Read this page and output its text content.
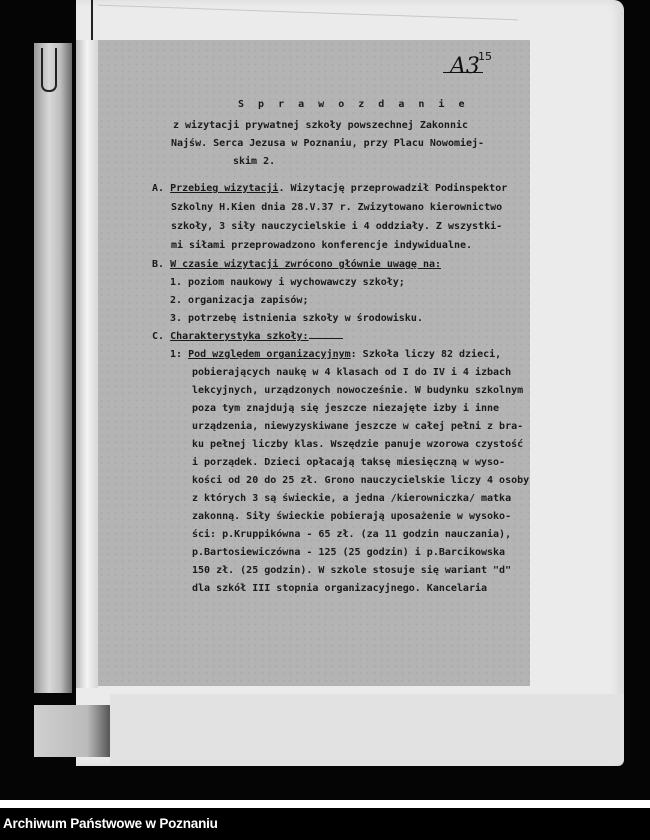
A3
15
S p r a w o z d a n i e
z wizytacji prywatnej szkoły powszechnej Zakonnic
Najśw. Serca Jezusa w Poznaniu, przy Placu Nowomiej-
skim 2.
A. Przebieg wizytacji. Wizytację przeprowadził Podinspektor
Szkolny H.Kien dnia 28.V.37 r. Zwizytowano kierownictwo
szkoły, 3 siły nauczycielskie i 4 oddziały. Z wszystki-
mi siłami przeprowadzono konferencje indywidualne.
B. W czasie wizytacji zwrócono głównie uwagę na:
1. poziom naukowy i wychowawczy szkoły;
2. organizacja zapisów;
3. potrzebę istnienia szkoły w środowisku.
C. Charakterystyka szkoły:
1: Pod względem organizacyjnym: Szkoła liczy 82 dzieci,
pobierających naukę w 4 klasach od I do IV i 4 izbach
lekcyjnych, urządzonych nowocześnie. W budynku szkolnym
poza tym znajdują się jeszcze niezajęte izby i inne
urządzenia, niewyzyskiwane jeszcze w całej pełni z bra-
ku pełnej liczby klas. Wszędzie panuje wzorowa czystość
i porządek. Dzieci opłacają taksę miesięczną w wyso-
kości od 20 do 25 zł. Grono nauczycielskie liczy 4 osoby
z których 3 są świeckie, a jedna /kierowniczka/ matka
zakonną. Siły świeckie pobierają uposażenie w wysoko-
ści: p.Kruppikówna - 65 zł. (za 11 godzin nauczania),
p.Bartosiewiczówna - 125 (25 godzin) i p.Barcikowska
150 zł. (25 godzin). W szkole stosuje się wariant "d"
dla szkół III stopnia organizacyjnego. Kancelaria
Archiwum Państwowe w Poznaniu
